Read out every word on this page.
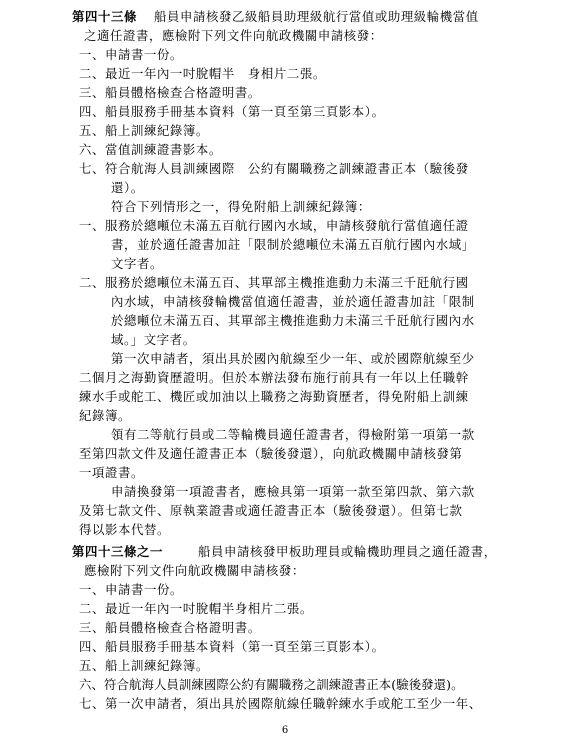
第四十三條 船員申請核發乙級船員助理級航行當值或助理級輪機當值
之適任證書，應檢附下列文件向航政機關申請核發：
一、申請書一份。
二、最近一年內一吋脫帽半　身相片二張。
三、船員體格檢查合格證明書。
四、船員服務手冊基本資料（第一頁至第三頁影本）。
五、船上訓練紀錄簿。
六、當值訓練證書影本。
七、符合航海人員訓練國際　公約有關職務之訓練證書正本（驗後發
還）。
符合下列情形之一，得免附船上訓練紀錄簿：
一、服務於總噸位未滿五百航行國內水域，申請核發航行當值適任證
書，並於適任證書加註「限制於總噸位未滿五百航行國內水域」
文字者。
二、服務於總噸位未滿五百、其單部主機推進動力未滿三千瓩航行國
內水域，申請核發輪機當值適任證書，並於適任證書加註「限制
於總噸位未滿五百、其單部主機推進動力未滿三千瓩航行國內水
域。」文字者。
第一次申請者，須出具於國內航線至少一年、或於國際航線至少
二個月之海勤資歷證明。但於本辦法發布施行前具有一年以上任職幹
練水手或舵工、機匠或加油以上職務之海勤資歷者，得免附船上訓練
紀錄簿。
領有二等航行員或二等輪機員適任證書者，得檢附第一項第一款
至第四款文件及適任證書正本（驗後發還），向航政機關申請核發第
一項證書。
申請換發第一項證書者，應檢具第一項第一款至第四款、第六款
及第七款文件、原執業證書或適任證書正本（驗後發還）。但第七款
得以影本代替。
第四十三條之一	船員申請核發甲板助理員或輪機助理員之適任證書，
應檢附下列文件向航政機關申請核發：
一、申請書一份。
二、最近一年內一吋脫帽半身相片二張。
三、船員體格檢查合格證明書。
四、船員服務手冊基本資料（第一頁至第三頁影本）。
五、船上訓練紀錄簿。
六、符合航海人員訓練國際公約有關職務之訓練證書正本(驗後發還)。
七、第一次申請者，須出具於國際航線任職幹練水手或舵工至少一年、
6
